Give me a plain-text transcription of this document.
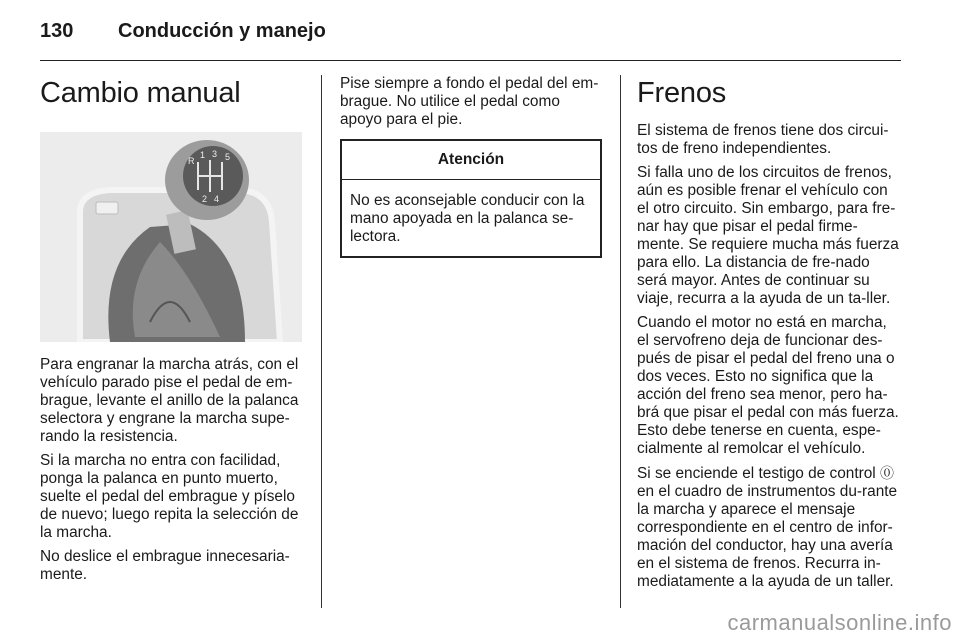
130 Conducción y manejo
Cambio manual
R
1 3 5
2 4

Para engranar la marcha atrás, con el vehículo parado pise el pedal de em-brague, levante el anillo de la palanca selectora y engrane la marcha supe-rando la resistencia.

Si la marcha no entra con facilidad, ponga la palanca en punto muerto, suelte el pedal del embrague y píselo de nuevo; luego repita la selección de la marcha.

No deslice el embrague innecesaria-mente.

Pise siempre a fondo el pedal del em-brague. No utilice el pedal como apoyo para el pie.

Atención

No es aconsejable conducir con la mano apoyada en la palanca se-lectora.

Frenos

El sistema de frenos tiene dos circui-tos de freno independientes.

Si falla uno de los circuitos de frenos, aún es posible frenar el vehículo con el otro circuito. Sin embargo, para fre-nar hay que pisar el pedal firme-mente. Se requiere mucha más fuerza para ello. La distancia de fre-nado será mayor. Antes de continuar su viaje, recurra a la ayuda de un ta-ller.

Cuando el motor no está en marcha, el servofreno deja de funcionar des-pués de pisar el pedal del freno una o dos veces. Esto no significa que la acción del freno sea menor, pero ha-brá que pisar el pedal con más fuerza. Esto debe tenerse en cuenta, espe-cialmente al remolcar el vehículo.

Si se enciende el testigo de control ⓪ en el cuadro de instrumentos du-rante la marcha y aparece el mensaje correspondiente en el centro de infor-mación del conductor, hay una avería en el sistema de frenos. Recurra in-mediatamente a la ayuda de un taller.

carmanualsonline.info
